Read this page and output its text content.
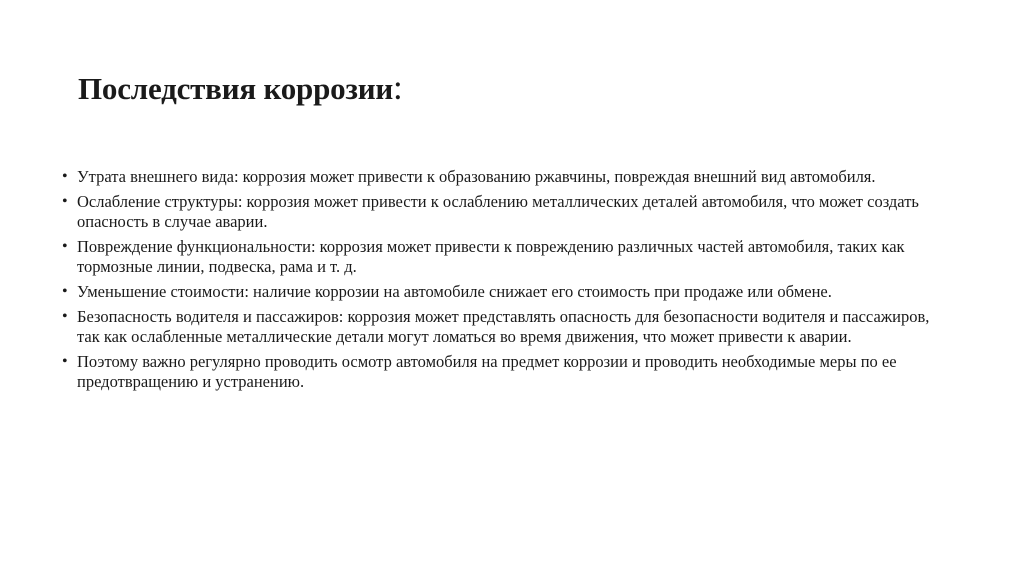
Последствия коррозии:
• Утрата внешнего вида: коррозия может привести к образованию ржавчины, повреждая внешний вид автомобиля.
• Ослабление структуры: коррозия может привести к ослаблению металлических деталей автомобиля, что может создать опасность в случае аварии.
• Повреждение функциональности: коррозия может привести к повреждению различных частей автомобиля, таких как тормозные линии, подвеска, рама и т. д.
• Уменьшение стоимости: наличие коррозии на автомобиле снижает его стоимость при продаже или обмене.
• Безопасность водителя и пассажиров: коррозия может представлять опасность для безопасности водителя и пассажиров, так как ослабленные металлические детали могут ломаться во время движения, что может привести к аварии.
• Поэтому важно регулярно проводить осмотр автомобиля на предмет коррозии и проводить необходимые меры по ее предотвращению и устранению.
